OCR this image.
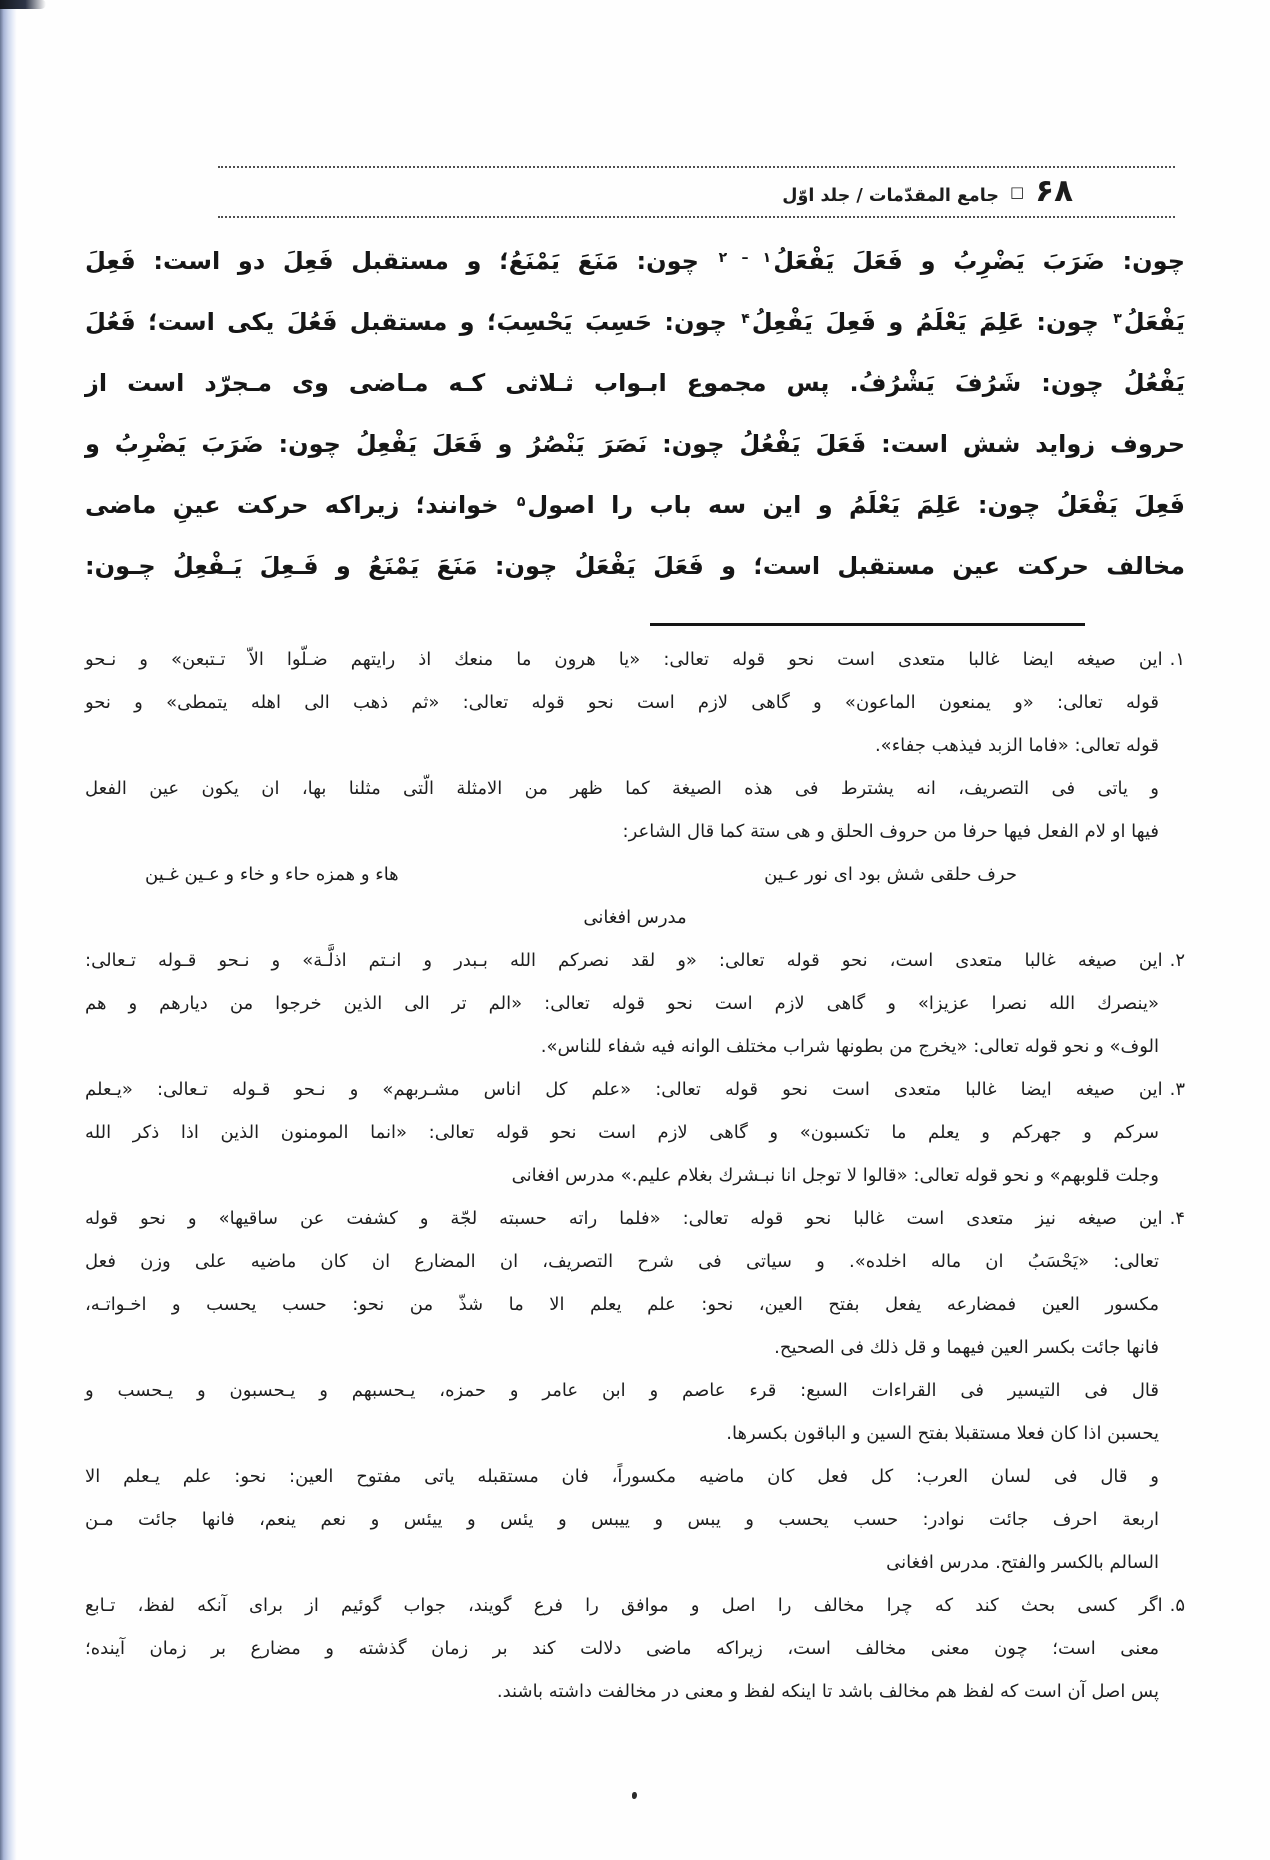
۶۸□جامع المقدّمات / جلد اوّل
چون: ضَرَبَ يَضْرِبُ و فَعَلَ يَفْعَلُ$^{۱ - ۲}$ چون: مَنَعَ يَمْنَعُ؛ و مستقبل فَعِلَ دو است: فَعِلَ
يَفْعَلُ$^۳$ چون: عَلِمَ يَعْلَمُ و فَعِلَ يَفْعِلُ$^۴$ چون: حَسِبَ يَحْسِبَ؛ و مستقبل فَعُلَ يكى است؛ فَعُلَ
يَفْعُلُ چون: شَرُفَ يَشْرُفُ. پس مجموع ابـواب ثـلاثى كـه مـاضى وى مـجرّد است از
حروف زوايد شش است: فَعَلَ يَفْعُلُ چون: نَصَرَ يَنْصُرُ و فَعَلَ يَفْعِلُ چون: ضَرَبَ يَضْرِبُ و
فَعِلَ يَفْعَلُ چون: عَلِمَ يَعْلَمُ و اين سه باب را اصول$^۵$ خوانند؛ زيراكه حركت عينِ ماضى
مخالف حركت عين مستقبل است؛ و فَعَلَ يَفْعَلُ چون: مَنَعَ يَمْنَعُ و فَـعِلَ يَـفْعِلُ چـون:
۱.اين صيغه ايضا غالبا متعدى است نحو قوله تعالى: «يا هرون ما منعك اذ رايتهم ضـلّوا الاّ تـتبعن» و نـحو
قوله تعالى: «و يمنعون الماعون» و گاهى لازم است نحو قوله تعالى: «ثم ذهب الى اهله يتمطى» و نحو
قوله تعالى: «فاما الزبد فيذهب جفاء».
و ياتى فى التصريف، انه يشترط فى هذه الصيغة كما ظهر من الامثلة الّتى مثلنا بها، ان يكون عين الفعل
فيها او لام الفعل فيها حرفا من حروف الحلق و هى ستة كما قال الشاعر:
حرف حلقى شش بود اى نور عـين
هاء و همزه حاء و خاء و عـين غـين
مدرس افغانى
۲.اين صيغه غالبا متعدى است، نحو قوله تعالى: «و لقد نصركم الله بـبدر و انـتم اذلَّـة» و نـحو قـوله تـعالى:
«ينصرك الله نصرا عزيزا» و گاهى لازم است نحو قوله تعالى: «الم تر الى الذين خرجوا من ديارهم و هم
الوف» و نحو قوله تعالى: «يخرج من بطونها شراب مختلف الوانه فيه شفاء للناس».
۳.اين صيغه ايضا غالبا متعدى است نحو قوله تعالى: «علم كل اناس مشـربهم» و نـحو قـوله تـعالى: «يـعلم
سركم و جهركم و يعلم ما تكسبون» و گاهى لازم است نحو قوله تعالى: «انما المومنون الذين اذا ذكر الله
وجلت قلوبهم» و نحو قوله تعالى: «قالوا لا توجل انا نبـشرك بغلام عليم.» مدرس افغانى
۴.اين صيغه نيز متعدى است غالبا نحو قوله تعالى: «فلما راته حسبته لجّة و كشفت عن ساقيها» و نحو قوله
تعالى: «يَحْسَبُ ان ماله اخلده». و سياتى فى شرح التصريف، ان المضارع ان كان ماضيه على وزن فعل
مكسور العين فمضارعه يفعل بفتح العين، نحو: علم يعلم الا ما شذّ من نحو: حسب يحسب و اخـواتـه،
فانها جائت بكسر العين فيهما و قل ذلك فى الصحيح.
قال فى التيسير فى القراءات السبع: قرء عاصم و ابن عامر و حمزه، يـحسبهم و يـحسبون و يـحسب و
يحسبن اذا كان فعلا مستقبلا بفتح السين و الباقون بكسرها.
و قال فى لسان العرب: كل فعل كان ماضيه مكسوراً، فان مستقبله ياتى مفتوح العين: نحو: علم يـعلم الا
اربعة احرف جائت نوادر: حسب يحسب و يبس و ييبس و يئس و ييئس و نعم ينعم، فانها جائت مـن
السالم بالكسر والفتح. مدرس افغانى
۵.اگر كسى بحث كند كه چرا مخالف را اصل و موافق را فرع گويند، جواب گوئيم از براى آنكه لفظ، تـابع
معنى است؛ چون معنى مخالف است، زيراكه ماضى دلالت كند بر زمان گذشته و مضارع بر زمان آينده؛
پس اصل آن است كه لفظ هم مخالف باشد تا اينكه لفظ و معنى در مخالفت داشته باشند.
